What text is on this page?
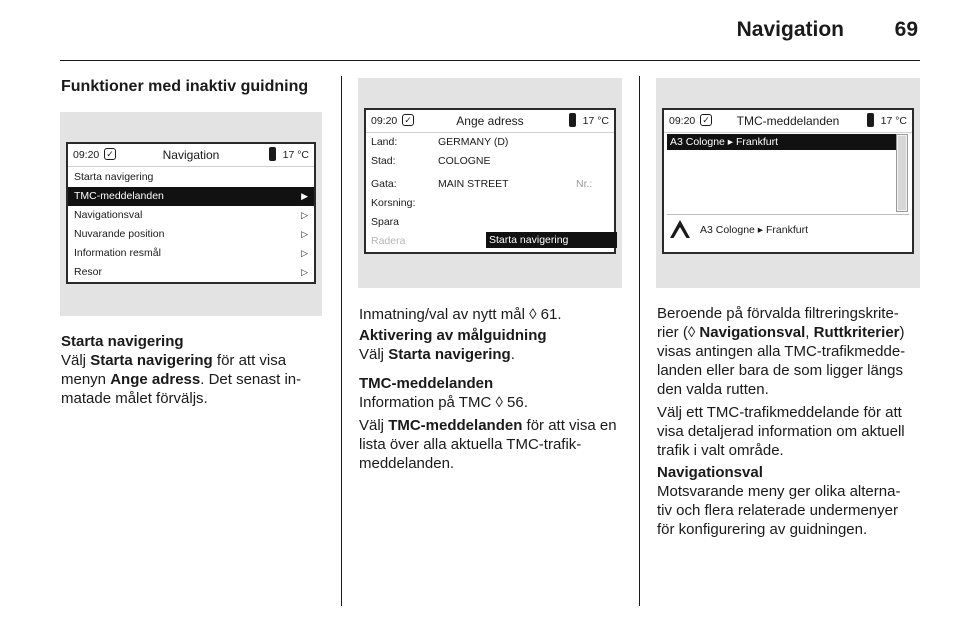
Navigation 69
Funktioner med inaktiv guidning
09:20 ✓	Navigation	17 °C
Starta navigering
TMC-meddelanden	▶
Navigationsval	▷
Nuvarande position	▷
Information resmål	▷
Resor	▷
Starta navigering
Välj Starta navigering för att visa
menyn Ange adress. Det senast in-
matade målet förväljs.
09:20 ✓	Ange adress	17 °C
Land:	GERMANY (D)
Stad:	COLOGNE
Gata:	MAIN STREET	Nr.:
Korsning:
Spara
Radera	Starta navigering
Inmatning/val av nytt mål ◊ 61.
Aktivering av målguidning
Välj Starta navigering.
TMC-meddelanden
Information på TMC ◊ 56.
Välj TMC-meddelanden för att visa en
lista över alla aktuella TMC-trafik-
meddelanden.
09:20 ✓	TMC-meddelanden	17 °C
A3 Cologne ▸ Frankfurt
A3 Cologne ▸ Frankfurt
Beroende på förvalda filtreringskrite-
rier (◊ Navigationsval, Ruttkriterier)
visas antingen alla TMC-trafikmedde-
landen eller bara de som ligger längs
den valda rutten.
Välj ett TMC-trafikmeddelande för att
visa detaljerad information om aktuell
trafik i valt område.
Navigationsval
Motsvarande meny ger olika alterna-
tiv och flera relaterade undermenyer
för konfigurering av guidningen.
